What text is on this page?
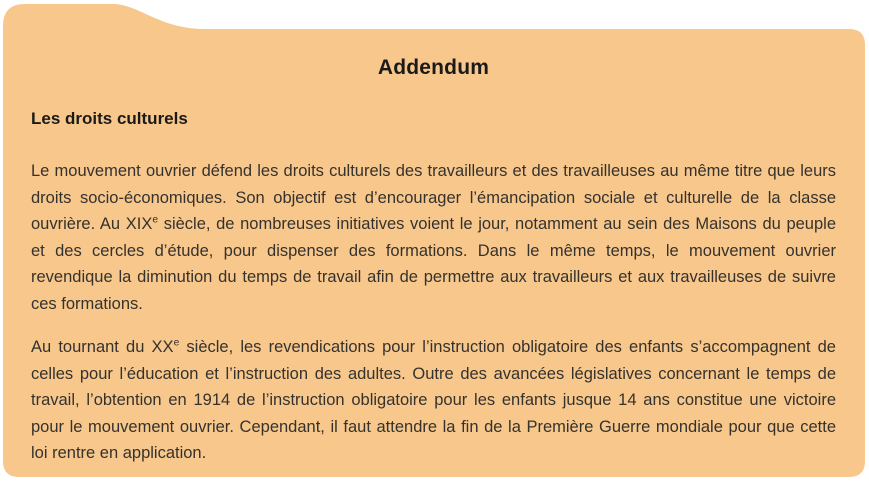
Addendum
Les droits culturels

Le mouvement ouvrier défend les droits culturels des travailleurs et des travailleuses au même titre que leurs droits socio-économiques. Son objectif est d’encourager l’émancipation sociale et culturelle de la classe ouvrière. Au XIXe siècle, de nombreuses initiatives voient le jour, notamment au sein des Maisons du peuple et des cercles d’étude, pour dispenser des formations. Dans le même temps, le mouvement ouvrier revendique la diminution du temps de travail afin de permettre aux travailleurs et aux travailleuses de suivre ces formations.

Au tournant du XXe siècle, les revendications pour l’instruction obligatoire des enfants s’accompagnent de celles pour l’éducation et l’instruction des adultes. Outre des avancées législatives concernant le temps de travail, l’obtention en 1914 de l’instruction obligatoire pour les enfants jusque 14 ans constitue une victoire pour le mouvement ouvrier. Cependant, il faut attendre la fin de la Première Guerre mondiale pour que cette loi rentre en application.
